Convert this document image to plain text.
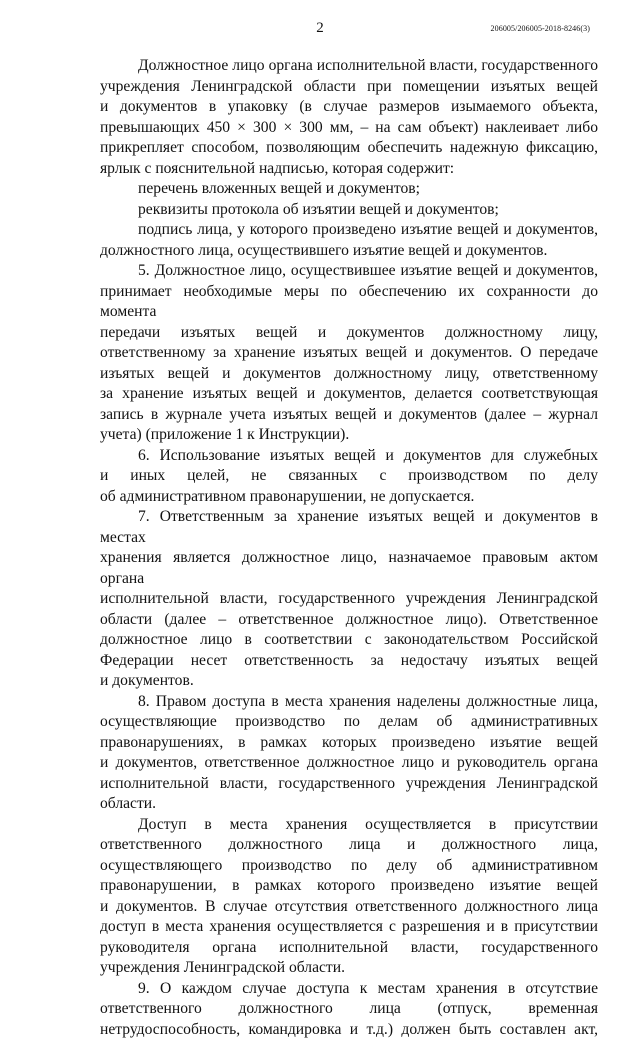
2	206005/206005-2018-8246(3)
Должностное лицо органа исполнительной власти, государственного
учреждения Ленинградской области при помещении изъятых вещей
и документов в упаковку (в случае размеров изымаемого объекта,
превышающих 450 × 300 × 300 мм, – на сам объект) наклеивает либо
прикрепляет способом, позволяющим обеспечить надежную фиксацию,
ярлык с пояснительной надписью, которая содержит:
перечень вложенных вещей и документов;
реквизиты протокола об изъятии вещей и документов;
подпись лица, у которого произведено изъятие вещей и документов,
должностного лица, осуществившего изъятие вещей и документов.
5. Должностное лицо, осуществившее изъятие вещей и документов,
принимает необходимые меры по обеспечению их сохранности до момента
передачи изъятых вещей и документов должностному лицу,
ответственному за хранение изъятых вещей и документов. О передаче
изъятых вещей и документов должностному лицу, ответственному
за хранение изъятых вещей и документов, делается соответствующая
запись в журнале учета изъятых вещей и документов (далее – журнал
учета) (приложение 1 к Инструкции).
6. Использование изъятых вещей и документов для служебных
и иных целей, не связанных с производством по делу
об административном правонарушении, не допускается.
7. Ответственным за хранение изъятых вещей и документов в местах
хранения является должностное лицо, назначаемое правовым актом органа
исполнительной власти, государственного учреждения Ленинградской
области (далее – ответственное должностное лицо). Ответственное
должностное лицо в соответствии с законодательством Российской
Федерации несет ответственность за недостачу изъятых вещей
и документов.
8. Правом доступа в места хранения наделены должностные лица,
осуществляющие производство по делам об административных
правонарушениях, в рамках которых произведено изъятие вещей
и документов, ответственное должностное лицо и руководитель органа
исполнительной власти, государственного учреждения Ленинградской
области.
Доступ в места хранения осуществляется в присутствии
ответственного должностного лица и должностного лица,
осуществляющего производство по делу об административном
правонарушении, в рамках которого произведено изъятие вещей
и документов. В случае отсутствия ответственного должностного лица
доступ в места хранения осуществляется с разрешения и в присутствии
руководителя органа исполнительной власти, государственного
учреждения Ленинградской области.
9. О каждом случае доступа к местам хранения в отсутствие
ответственного должностного лица (отпуск, временная
нетрудоспособность, командировка и т.д.) должен быть составлен акт,
